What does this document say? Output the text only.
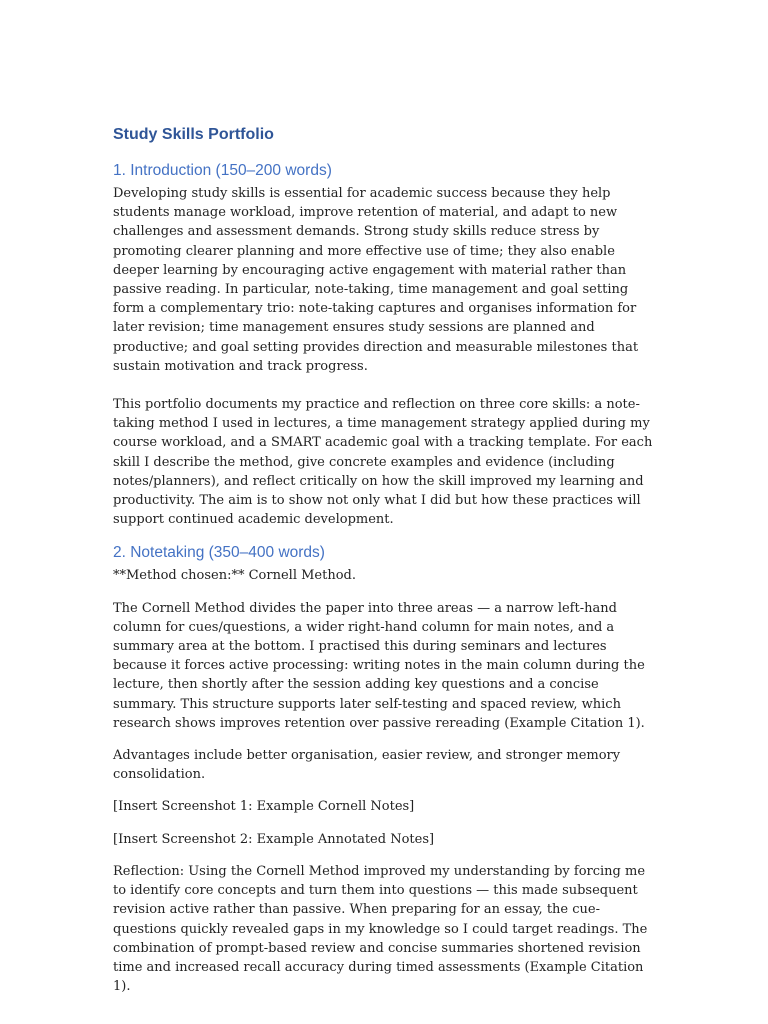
Study Skills Portfolio
1. Introduction (150–200 words)

Developing study skills is essential for academic success because they help students manage workload, improve retention of material, and adapt to new challenges and assessment demands. Strong study skills reduce stress by promoting clearer planning and more effective use of time; they also enable deeper learning by encouraging active engagement with material rather than passive reading. In particular, note-taking, time management and goal setting form a complementary trio: note-taking captures and organises information for later revision; time management ensures study sessions are planned and productive; and goal setting provides direction and measurable milestones that sustain motivation and track progress.

This portfolio documents my practice and reflection on three core skills: a note-taking method I used in lectures, a time management strategy applied during my course workload, and a SMART academic goal with a tracking template. For each skill I describe the method, give concrete examples and evidence (including notes/planners), and reflect critically on how the skill improved my learning and productivity. The aim is to show not only what I did but how these practices will support continued academic development.

2. Notetaking (350–400 words)

**Method chosen:** Cornell Method.

The Cornell Method divides the paper into three areas — a narrow left-hand column for cues/questions, a wider right-hand column for main notes, and a summary area at the bottom. I practised this during seminars and lectures because it forces active processing: writing notes in the main column during the lecture, then shortly after the session adding key questions and a concise summary. This structure supports later self-testing and spaced review, which research shows improves retention over passive rereading (Example Citation 1).

Advantages include better organisation, easier review, and stronger memory consolidation.

[Insert Screenshot 1: Example Cornell Notes]

[Insert Screenshot 2: Example Annotated Notes]

Reflection: Using the Cornell Method improved my understanding by forcing me to identify core concepts and turn them into questions — this made subsequent revision active rather than passive. When preparing for an essay, the cue-questions quickly revealed gaps in my knowledge so I could target readings. The combination of prompt-based review and concise summaries shortened revision time and increased recall accuracy during timed assessments (Example Citation 1).
